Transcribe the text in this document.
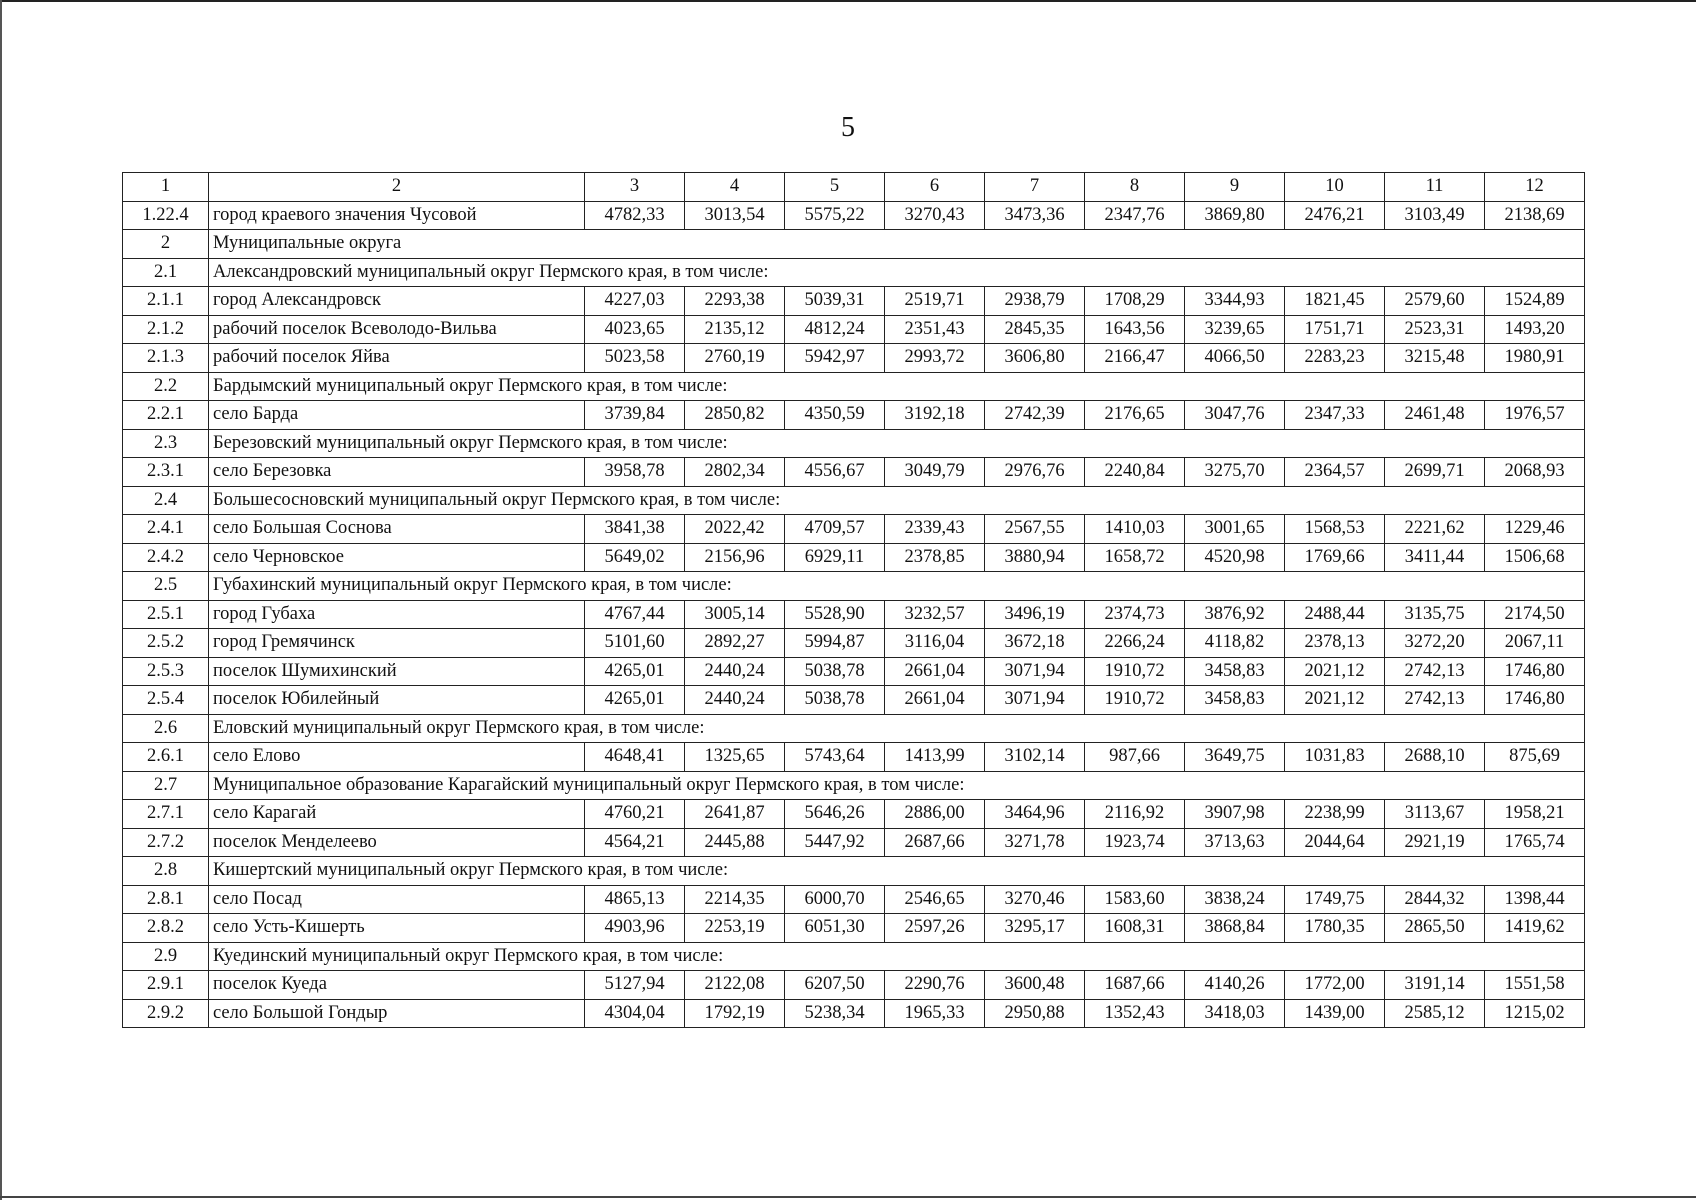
5
1	2	3	4	5	6	7	8	9	10	11	12
1.22.4	город краевого значения Чусовой	4782,33	3013,54	5575,22	3270,43	3473,36	2347,76	3869,80	2476,21	3103,49	2138,69
2	Муниципальные округа										
2.1	Александровский муниципальный округ Пермского края, в том числе:										
2.1.1	город Александровск	4227,03	2293,38	5039,31	2519,71	2938,79	1708,29	3344,93	1821,45	2579,60	1524,89
2.1.2	рабочий поселок Всеволодо-Вильва	4023,65	2135,12	4812,24	2351,43	2845,35	1643,56	3239,65	1751,71	2523,31	1493,20
2.1.3	рабочий поселок Яйва	5023,58	2760,19	5942,97	2993,72	3606,80	2166,47	4066,50	2283,23	3215,48	1980,91
2.2	Бардымский муниципальный округ Пермского края, в том числе:										
2.2.1	село Барда	3739,84	2850,82	4350,59	3192,18	2742,39	2176,65	3047,76	2347,33	2461,48	1976,57
2.3	Березовский муниципальный округ Пермского края, в том числе:										
2.3.1	село Березовка	3958,78	2802,34	4556,67	3049,79	2976,76	2240,84	3275,70	2364,57	2699,71	2068,93
2.4	Большесосновский муниципальный округ Пермского края, в том числе:										
2.4.1	село Большая Соснова	3841,38	2022,42	4709,57	2339,43	2567,55	1410,03	3001,65	1568,53	2221,62	1229,46
2.4.2	село Черновское	5649,02	2156,96	6929,11	2378,85	3880,94	1658,72	4520,98	1769,66	3411,44	1506,68
2.5	Губахинский муниципальный округ Пермского края, в том числе:										
2.5.1	город Губаха	4767,44	3005,14	5528,90	3232,57	3496,19	2374,73	3876,92	2488,44	3135,75	2174,50
2.5.2	город Гремячинск	5101,60	2892,27	5994,87	3116,04	3672,18	2266,24	4118,82	2378,13	3272,20	2067,11
2.5.3	поселок Шумихинский	4265,01	2440,24	5038,78	2661,04	3071,94	1910,72	3458,83	2021,12	2742,13	1746,80
2.5.4	поселок Юбилейный	4265,01	2440,24	5038,78	2661,04	3071,94	1910,72	3458,83	2021,12	2742,13	1746,80
2.6	Еловский муниципальный округ Пермского края, в том числе:										
2.6.1	село Елово	4648,41	1325,65	5743,64	1413,99	3102,14	987,66	3649,75	1031,83	2688,10	875,69
2.7	Муниципальное образование Карагайский муниципальный округ Пермского края, в том числе:										
2.7.1	село Карагай	4760,21	2641,87	5646,26	2886,00	3464,96	2116,92	3907,98	2238,99	3113,67	1958,21
2.7.2	поселок Менделеево	4564,21	2445,88	5447,92	2687,66	3271,78	1923,74	3713,63	2044,64	2921,19	1765,74
2.8	Кишертский муниципальный округ Пермского края, в том числе:										
2.8.1	село Посад	4865,13	2214,35	6000,70	2546,65	3270,46	1583,60	3838,24	1749,75	2844,32	1398,44
2.8.2	село Усть-Кишерть	4903,96	2253,19	6051,30	2597,26	3295,17	1608,31	3868,84	1780,35	2865,50	1419,62
2.9	Куединский муниципальный округ Пермского края, в том числе:										
2.9.1	поселок Куеда	5127,94	2122,08	6207,50	2290,76	3600,48	1687,66	4140,26	1772,00	3191,14	1551,58
2.9.2	село Большой Гондыр	4304,04	1792,19	5238,34	1965,33	2950,88	1352,43	3418,03	1439,00	2585,12	1215,02
